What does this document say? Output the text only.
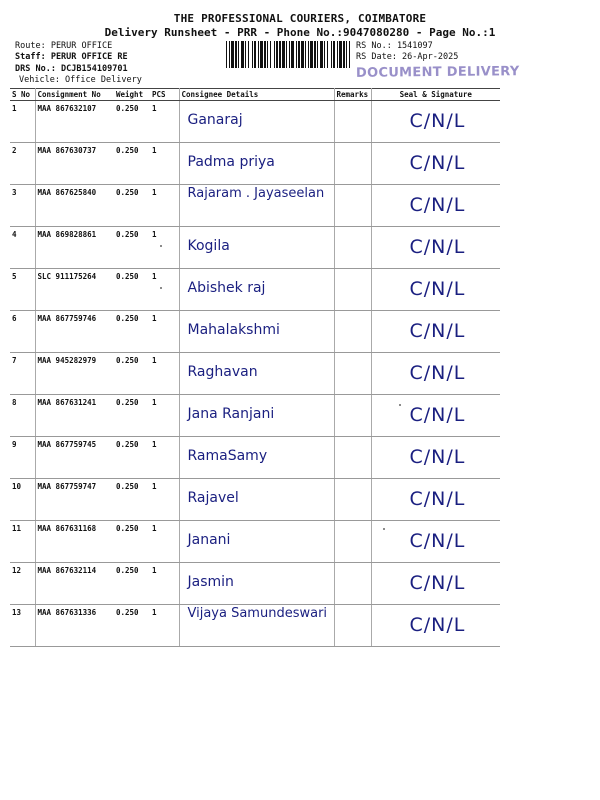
THE PROFESSIONAL COURIERS, COIMBATORE
Delivery Runsheet - PRR - Phone No.:9047080280 - Page No.:1
Route: PERUR OFFICE
Staff: PERUR OFFICE RE
DRS No.: DCJB154109701
Vehicle: Office Delivery
RS No.: 1541097
RS Date: 26-Apr-2025
DOCUMENT DELIVERY
S No	Consignment No	Weight	PCS	Consignee Details	Remarks	Seal & Signature
1	MAA 867632107	0.250	1	Ganaraj		C/N/L
2	MAA 867630737	0.250	1	Padma priya		C/N/L
3	MAA 867625840	0.250	1	Rajaram . Jayaseelan		C/N/L
4	MAA 869828861	0.250	1	Kogila		C/N/L
5	SLC 911175264	0.250	1	Abishek raj		C/N/L
6	MAA 867759746	0.250	1	Mahalakshmi		C/N/L
7	MAA 945282979	0.250	1	Raghavan		C/N/L
8	MAA 867631241	0.250	1	Jana Ranjani		C/N/L
9	MAA 867759745	0.250	1	RamaSamy		C/N/L
10	MAA 867759747	0.250	1	Rajavel		C/N/L
11	MAA 867631168	0.250	1	Janani		C/N/L
12	MAA 867632114	0.250	1	Jasmin		C/N/L
13	MAA 867631336	0.250	1	Vijaya Samundeswari		C/N/L
